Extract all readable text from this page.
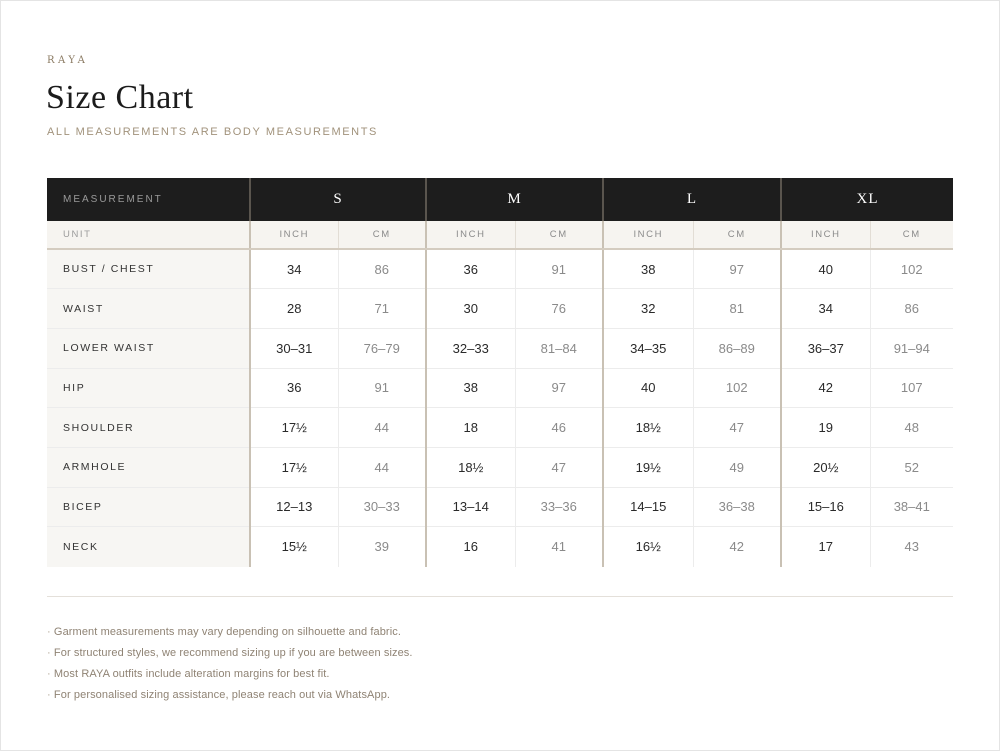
RAYA
Size Chart
ALL MEASUREMENTS ARE BODY MEASUREMENTS
MEASUREMENT	S		M		L		XL	
UNIT	INCH	CM	INCH	CM	INCH	CM	INCH	CM
BUST / CHEST	34	86	36	91	38	97	40	102
WAIST	28	71	30	76	32	81	34	86
LOWER WAIST	30–31	76–79	32–33	81–84	34–35	86–89	36–37	91–94
HIP	36	91	38	97	40	102	42	107
SHOULDER	17½	44	18	46	18½	47	19	48
ARMHOLE	17½	44	18½	47	19½	49	20½	52
BICEP	12–13	30–33	13–14	33–36	14–15	36–38	15–16	38–41
NECK	15½	39	16	41	16½	42	17	43
· Garment measurements may vary depending on silhouette and fabric.
· For structured styles, we recommend sizing up if you are between sizes.
· Most RAYA outfits include alteration margins for best fit.
· For personalised sizing assistance, please reach out via WhatsApp.
